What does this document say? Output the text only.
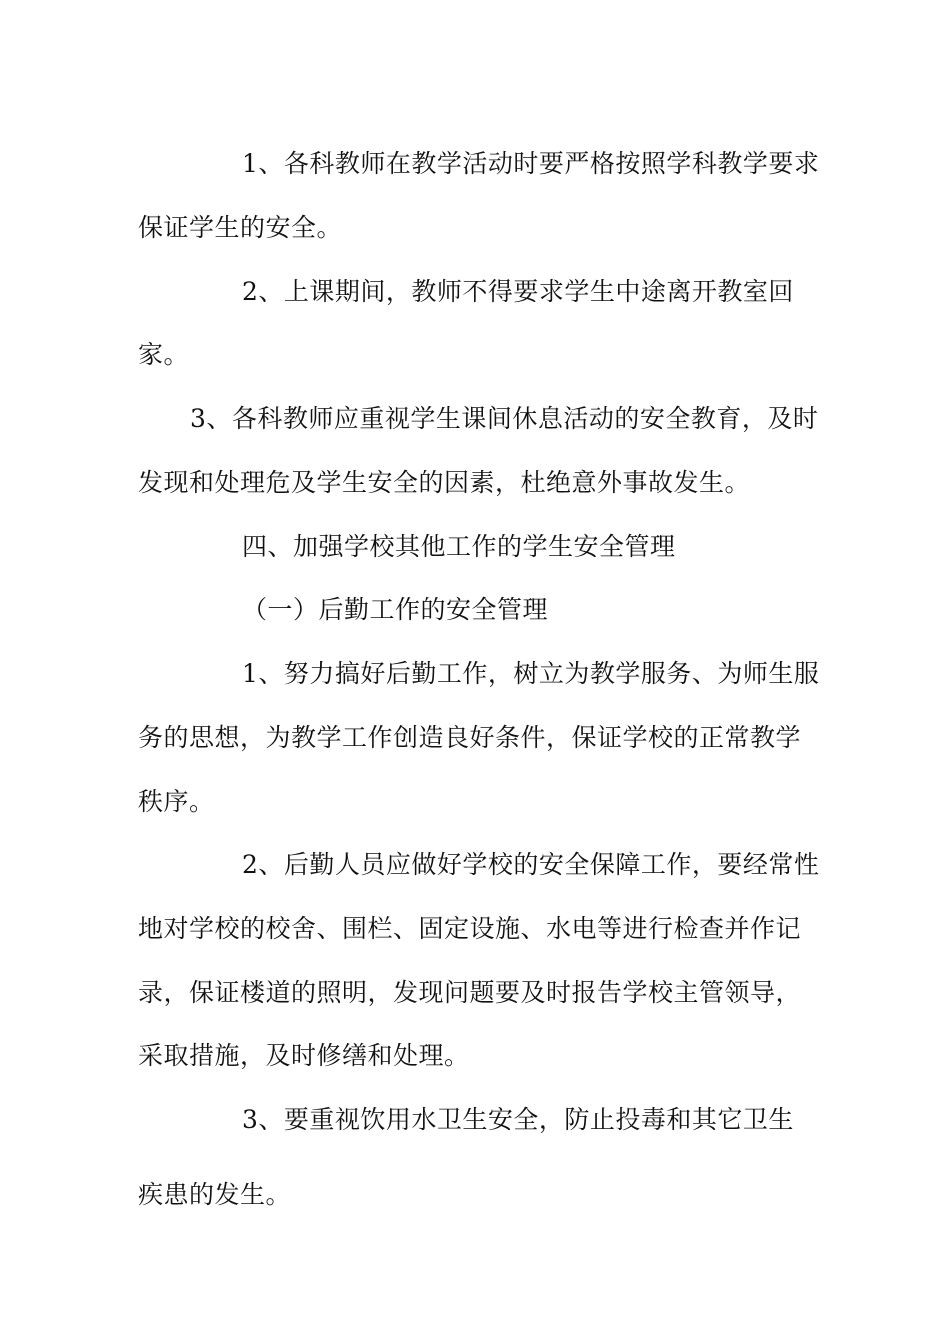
1、各科教师在教学活动时要严格按照学科教学要求
保证学生的安全。
2、上课期间，教师不得要求学生中途离开教室回
家。
3、各科教师应重视学生课间休息活动的安全教育，及时
发现和处理危及学生安全的因素，杜绝意外事故发生。
四、加强学校其他工作的学生安全管理
（一）后勤工作的安全管理
1、努力搞好后勤工作，树立为教学服务、为师生服
务的思想，为教学工作创造良好条件，保证学校的正常教学
秩序。
2、后勤人员应做好学校的安全保障工作，要经常性
地对学校的校舍、围栏、固定设施、水电等进行检查并作记
录，保证楼道的照明，发现问题要及时报告学校主管领导，
采取措施，及时修缮和处理。
3、要重视饮用水卫生安全，防止投毒和其它卫生
疾患的发生。
